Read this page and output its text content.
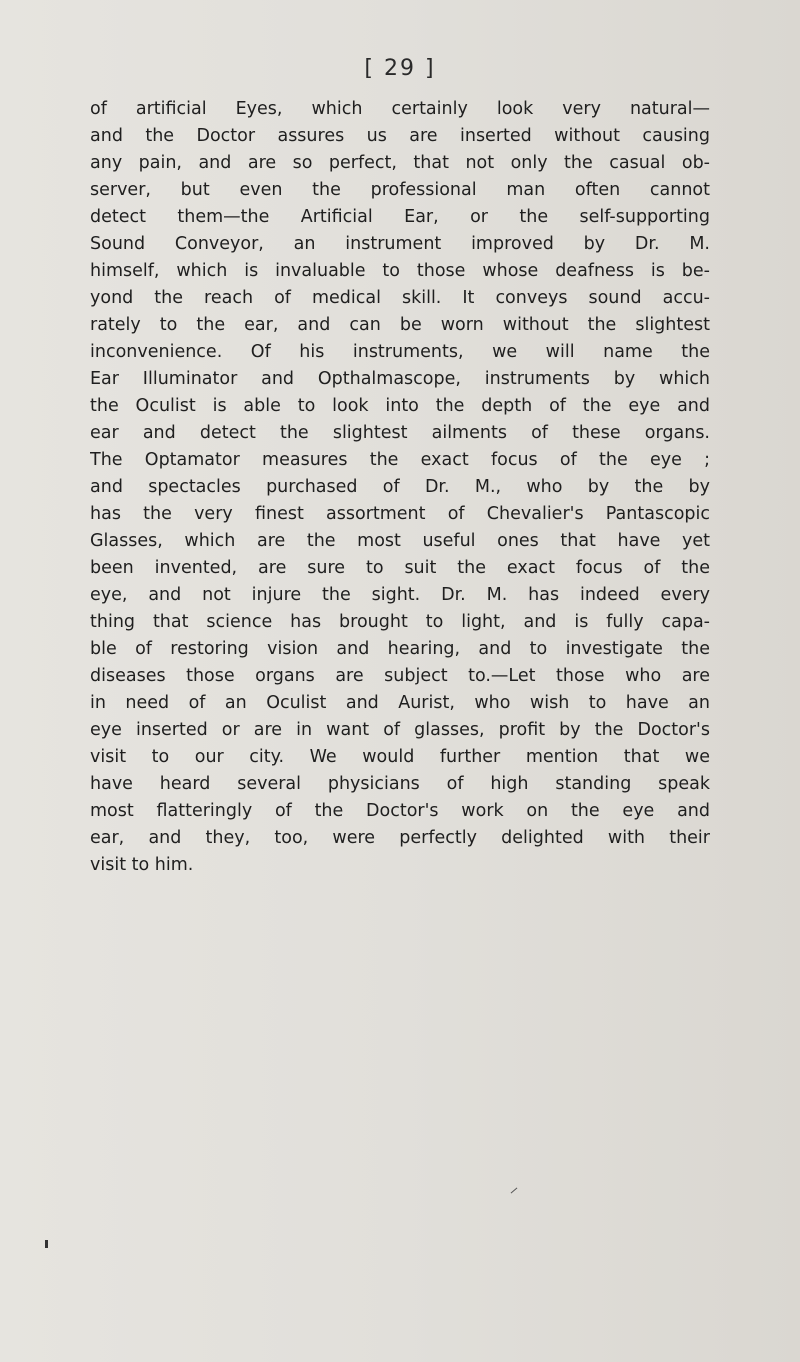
[ 29 ]
of artificial Eyes, which certainly look very natural—
and the Doctor assures us are inserted without causing
any pain, and are so perfect, that not only the casual ob-
server, but even the professional man often cannot
detect them—the Artificial Ear, or the self-supporting
Sound Conveyor, an instrument improved by Dr. M.
himself, which is invaluable to those whose deafness is be-
yond the reach of medical skill. It conveys sound accu-
rately to the ear, and can be worn without the slightest
inconvenience. Of his instruments, we will name the
Ear Illuminator and Opthalmascope, instruments by which
the Oculist is able to look into the depth of the eye and
ear and detect the slightest ailments of these organs.
The Optamator measures the exact focus of the eye ;
and spectacles purchased of Dr. M., who by the by
has the very finest assortment of Chevalier's Pantascopic
Glasses, which are the most useful ones that have yet
been invented, are sure to suit the exact focus of the
eye, and not injure the sight. Dr. M. has indeed every
thing that science has brought to light, and is fully capa-
ble of restoring vision and hearing, and to investigate the
diseases those organs are subject to.—Let those who are
in need of an Oculist and Aurist, who wish to have an
eye inserted or are in want of glasses, profit by the Doctor's
visit to our city. We would further mention that we
have heard several physicians of high standing speak
most flatteringly of the Doctor's work on the eye and
ear, and they, too, were perfectly delighted with their
visit to him.
